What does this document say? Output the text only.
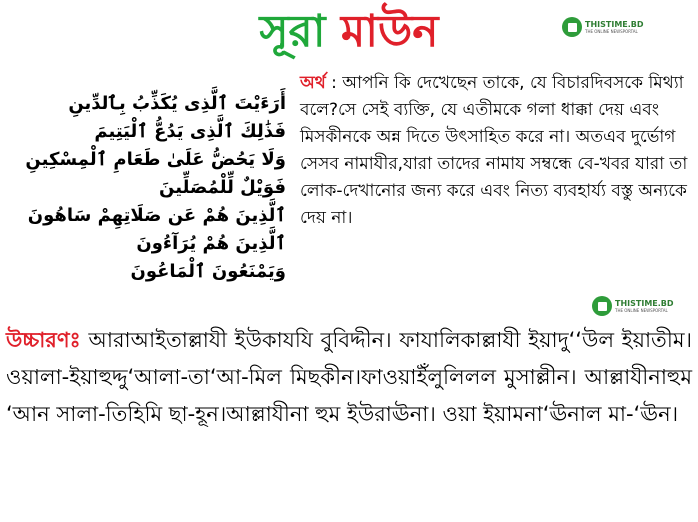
সূরা মাউন	THISTIME.BD
THE ONLINE NEWSPORTAL
THISTIME.BD
THE ONLINE NEWSPORTAL
أَرَءَيْتَ ٱلَّذِى يُكَذِّبُ بِٱلدِّينِ
فَذَٰلِكَ ٱلَّذِى يَدُعُّ ٱلْيَتِيمَ
وَلَا يَحُضُّ عَلَىٰ طَعَامِ ٱلْمِسْكِينِ
فَوَيْلٌ لِّلْمُصَلِّينَ
ٱلَّذِينَ هُمْ عَن صَلَاتِهِمْ سَاهُونَ
ٱلَّذِينَ هُمْ يُرَآءُونَ
وَيَمْنَعُونَ ٱلْمَاعُونَ
অর্থ : আপনি কি দেখেছেন তাকে, যে বিচারদিবসকে মিথ্যা বলে?সে সেই ব্যক্তি, যে এতীমকে গলা ধাক্কা দেয় এবং মিসকীনকে অন্ন দিতে উৎসাহিত করে না। অতএব দুর্ভোগ সেসব নামাযীর,যারা তাদের নামায সম্বন্ধে বে-খবর যারা তা লোক-দেখানোর জন্য করে এবং নিত্য ব্যবহার্য্য বস্তু অন্যকে দেয় না।
উচ্চারণঃ আরাআইতাল্লাযী ইউকাযযি বুবিদ্দীন। ফাযালিকাল্লাযী ইয়াদু‘‘উল ইয়াতীম। ওয়ালা-ইয়াহুদ্দু‘আলা-তা‘আ-মিল মিছকীন।ফাওয়াইঁলুলিলল মুসাল্লীন। আল্লাযীনাহুম ‘আন সালা-তিহিমি ছা-হূন।আল্লাযীনা হুম ইউরাঊনা। ওয়া ইয়ামনা‘ঊনাল মা-‘ঊন।
